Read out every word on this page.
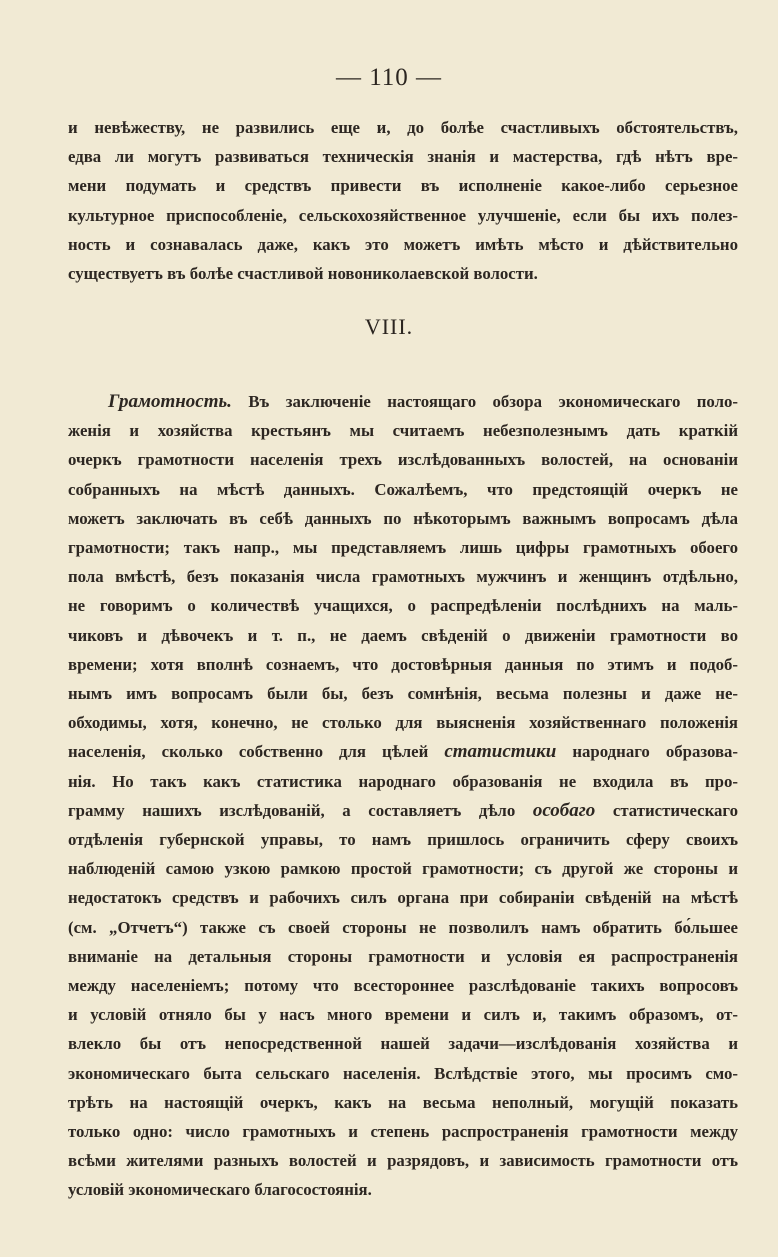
— 110 —
и невѣжеству, не развились еще и, до болѣе счастливыхъ обстоятельствъ,
едва ли могутъ развиваться техническія знанія и мастерства, гдѣ нѣтъ вре-
мени подумать и средствъ привести въ исполненіе какое-либо серьезное
культурное приспособленіе, сельскохозяйственное улучшеніе, если бы ихъ полез-
ность и сознавалась даже, какъ это можетъ имѣть мѣсто и дѣйствительно
существуетъ въ болѣе счастливой новониколаевской волости.
VIII.
Грамотность. Въ заключеніе настоящаго обзора экономическаго поло-
женія и хозяйства крестьянъ мы считаемъ небезполезнымъ дать краткій
очеркъ грамотности населенія трехъ изслѣдованныхъ волостей, на основаніи
собранныхъ на мѣстѣ данныхъ. Сожалѣемъ, что предстоящій очеркъ не
можетъ заключать въ себѣ данныхъ по нѣкоторымъ важнымъ вопросамъ дѣла
грамотности; такъ напр., мы представляемъ лишь цифры грамотныхъ обоего
пола вмѣстѣ, безъ показанія числа грамотныхъ мужчинъ и женщинъ отдѣльно,
не говоримъ о количествѣ учащихся, о распредѣленіи послѣднихъ на маль-
чиковъ и дѣвочекъ и т. п., не даемъ свѣденій о движеніи грамотности во
времени; хотя вполнѣ сознаемъ, что достовѣрныя данныя по этимъ и подоб-
нымъ имъ вопросамъ были бы, безъ сомнѣнія, весьма полезны и даже не-
обходимы, хотя, конечно, не столько для выясненія хозяйственнаго положенія
населенія, сколько собственно для цѣлей статистики народнаго образова-
нія. Но такъ какъ статистика народнаго образованія не входила въ про-
грамму нашихъ изслѣдованій, а составляетъ дѣло особаго статистическаго
отдѣленія губернской управы, то намъ пришлось ограничить сферу своихъ
наблюденій самою узкою рамкою простой грамотности; съ другой же стороны и
недостатокъ средствъ и рабочихъ силъ органа при собираніи свѣденій на мѣстѣ
(см. „Отчетъ“) также съ своей стороны не позволилъ намъ обратить бо́льшее
вниманіе на детальныя стороны грамотности и условія ея распространенія
между населеніемъ; потому что всестороннее разслѣдованіе такихъ вопросовъ
и условій отняло бы у насъ много времени и силъ и, такимъ образомъ, от-
влекло бы отъ непосредственной нашей задачи—изслѣдованія хозяйства и
экономическаго быта сельскаго населенія. Вслѣдствіе этого, мы просимъ смо-
трѣть на настоящій очеркъ, какъ на весьма неполный, могущій показать
только одно: число грамотныхъ и степень распространенія грамотности между
всѣми жителями разныхъ волостей и разрядовъ, и зависимость грамотности отъ
условій экономическаго благосостоянія.
